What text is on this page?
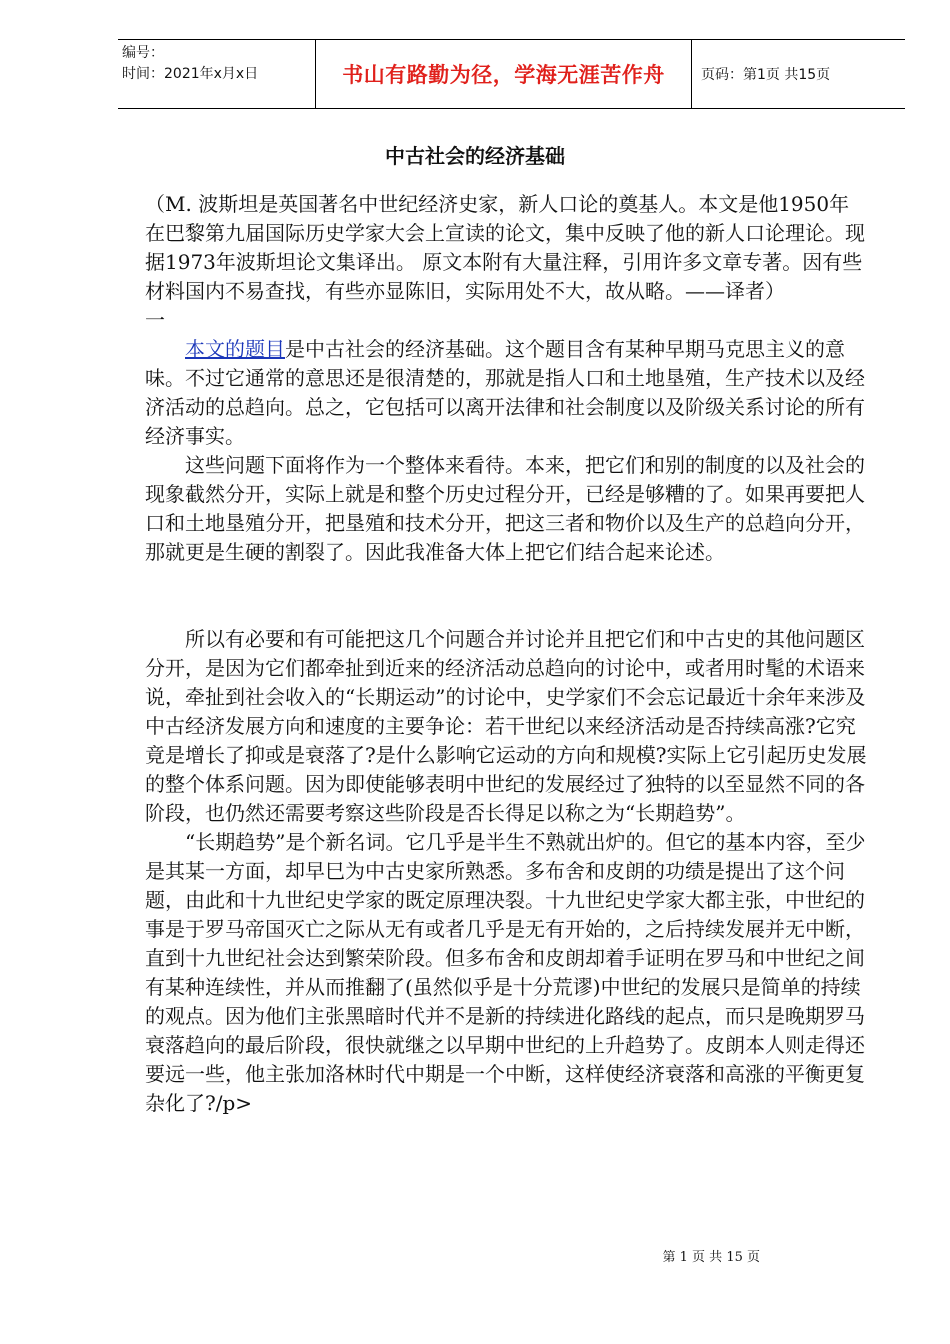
编号：
时间：2021年x月x日	书山有路勤为径，学海无涯苦作舟	页码：第1页 共15页
中古社会的经济基础

（M. 波斯坦是英国著名中世纪经济史家，新人口论的奠基人。本文是他1950年在巴黎第九届国际历史学家大会上宣读的论文，集中反映了他的新人口论理论。现据1973年波斯坦论文集译出。 原文本附有大量注释，引用许多文章专著。因有些材料国内不易查找，有些亦显陈旧，实际用处不大，故从略。——译者）

一

本文的题目是中古社会的经济基础。这个题目含有某种早期马克思主义的意味。不过它通常的意思还是很清楚的，那就是指人口和土地垦殖，生产技术以及经济活动的总趋向。总之，它包括可以离开法律和社会制度以及阶级关系讨论的所有经济事实。

这些问题下面将作为一个整体来看待。本来，把它们和别的制度的以及社会的现象截然分开，实际上就是和整个历史过程分开，已经是够糟的了。如果再要把人口和土地垦殖分开，把垦殖和技术分开，把这三者和物价以及生产的总趋向分开，那就更是生硬的割裂了。因此我准备大体上把它们结合起来论述。

所以有必要和有可能把这几个问题合并讨论并且把它们和中古史的其他问题区分开，是因为它们都牵扯到近来的经济活动总趋向的讨论中，或者用时髦的术语来说，牵扯到社会收入的“长期运动”的讨论中，史学家们不会忘记最近十余年来涉及中古经济发展方向和速度的主要争论：若干世纪以来经济活动是否持续高涨?它究竟是增长了抑或是衰落了?是什么影响它运动的方向和规模?实际上它引起历史发展的整个体系问题。因为即使能够表明中世纪的发展经过了独特的以至显然不同的各阶段，也仍然还需要考察这些阶段是否长得足以称之为“长期趋势”。

“长期趋势”是个新名词。它几乎是半生不熟就出炉的。但它的基本内容，至少是其某一方面，却早巳为中古史家所熟悉。多布舍和皮朗的功绩是提出了这个问题，由此和十九世纪史学家的既定原理决裂。十九世纪史学家大都主张，中世纪的事是于罗马帝国灭亡之际从无有或者几乎是无有开始的，之后持续发展并无中断，直到十九世纪社会达到繁荣阶段。但多布舍和皮朗却着手证明在罗马和中世纪之间有某种连续性，并从而推翻了(虽然似乎是十分荒谬)中世纪的发展只是简单的持续的观点。因为他们主张黑暗时代并不是新的持续进化路线的起点，而只是晚期罗马衰落趋向的最后阶段，很快就继之以早期中世纪的上升趋势了。皮朗本人则走得还要远一些，他主张加洛林时代中期是一个中断，这样使经济衰落和高涨的平衡更复杂化了?/p>

第 1 页 共 15 页
